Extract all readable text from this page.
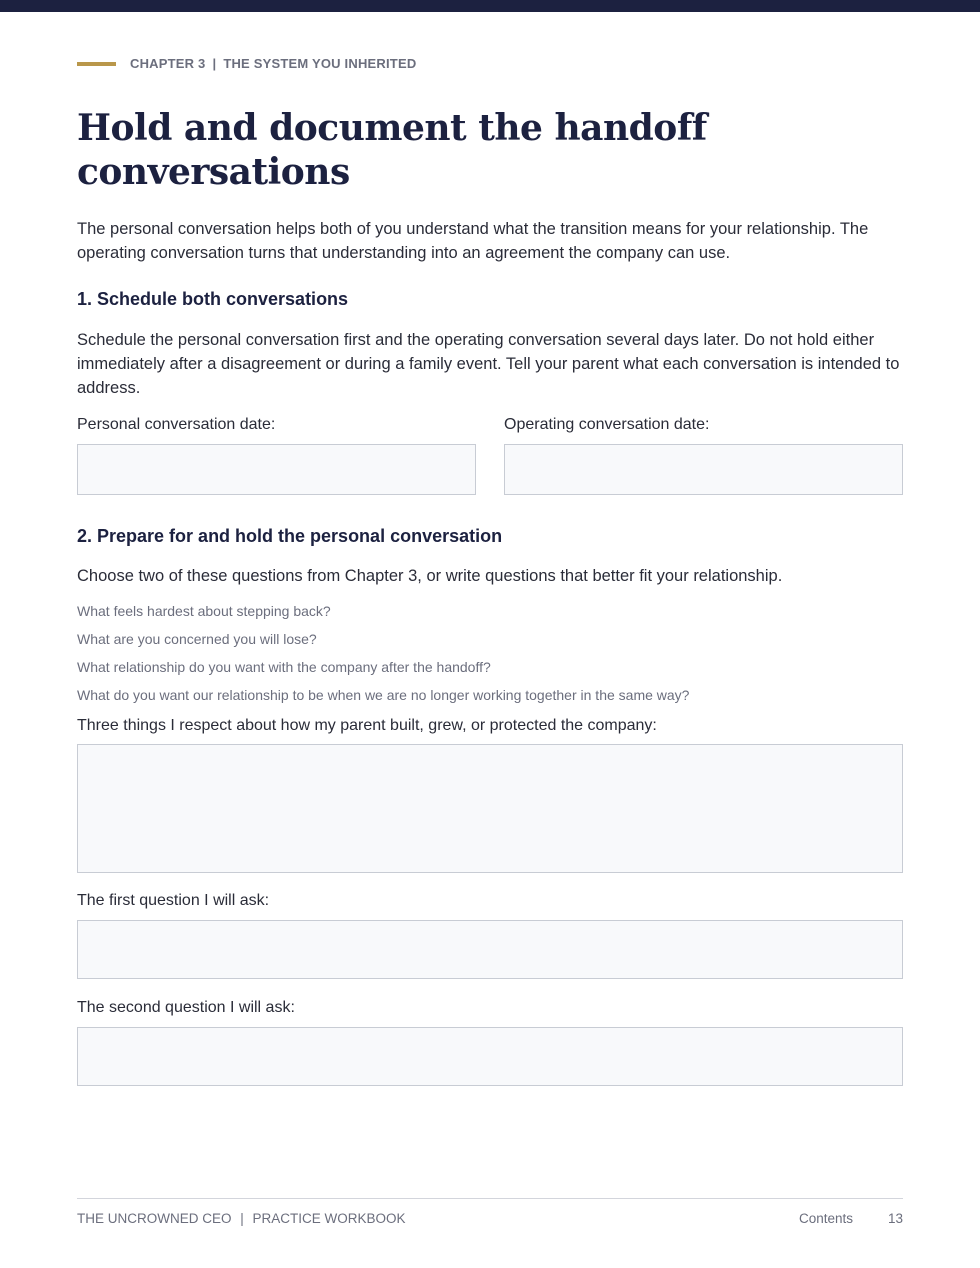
CHAPTER 3 | THE SYSTEM YOU INHERITED
Hold and document the handoff conversations

The personal conversation helps both of you understand what the transition means for your relationship. The operating conversation turns that understanding into an agreement the company can use.

1. Schedule both conversations

Schedule the personal conversation first and the operating conversation several days later. Do not hold either immediately after a disagreement or during a family event. Tell your parent what each conversation is intended to address.

Personal conversation date:	Operating conversation date:
2. Prepare for and hold the personal conversation

Choose two of these questions from Chapter 3, or write questions that better fit your relationship.

What feels hardest about stepping back?
What are you concerned you will lose?
What relationship do you want with the company after the handoff?
What do you want our relationship to be when we are no longer working together in the same way?
Three things I respect about how my parent built, grew, or protected the company:
The first question I will ask:
The second question I will ask:
THE UNCROWNED CEO | PRACTICE WORKBOOK	Contents	13
